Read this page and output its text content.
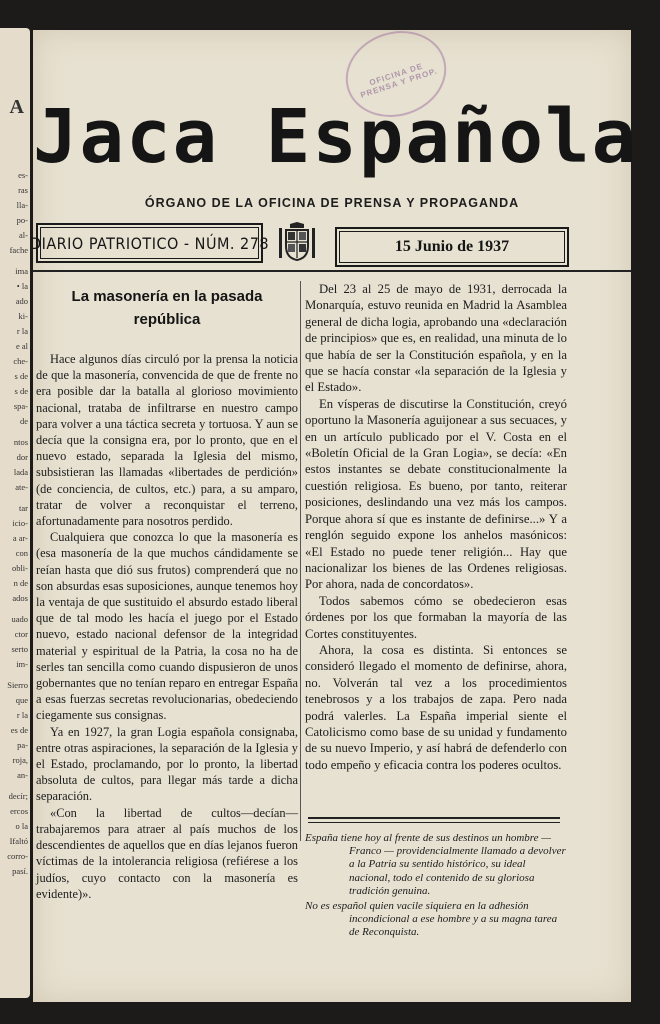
A
es-
ras
lla-
po-
al-
fache
ima
• la
ado
ki-
r la
e al
che-
s de
s de
spa-
de
ntos
dor
lada
ate-
tar
icio-
a ar-
con
obli-
n de
ados
uado
ctor
serto
im-
Sierro
que
r la
es de
pa-
roja,
an-
decír;
ercos
o la
Ifaltó
corro-
pasí.
OFICINA DE PRENSA Y PROP.
Jaca Española
ÓRGANO DE LA OFICINA DE PRENSA Y PROPAGANDA
DIARIO PATRIOTICO - NÚM. 278	15 Junio de 1937
La masonería en la pasada
república

Hace algunos días circuló por la prensa la noticia de que la masonería, convencida de que de frente no era posible dar la batalla al glorioso movimiento nacional, trataba de infiltrarse en nuestro campo para volver a una táctica secreta y tortuosa. Y aun se decía que la consigna era, por lo pronto, que en el nuevo estado, separada la Iglesia del mismo, subsistieran las llamadas «libertades de perdición» (de conciencia, de cultos, etc.) para, a su amparo, tratar de volver a reconquistar el terreno, afortunadamente para nosotros perdido.

Cualquiera que conozca lo que la masonería es (esa masonería de la que muchos cándidamente se reían hasta que dió sus frutos) comprenderá que no son absurdas esas suposiciones, aunque tenemos hoy la ventaja de que sustituido el absurdo estado liberal que de tal modo les hacía el juego por el Estado nuevo, estado nacional defensor de la integridad material y espiritual de la Patria, la cosa no ha de serles tan sencilla como cuando dispusieron de unos gobernantes que no tenían reparo en entregar España a esas fuerzas secretas revolucionarias, obedeciendo ciegamente sus consignas.

Ya en 1927, la gran Logia española consignaba, entre otras aspiraciones, la separación de la Iglesia y el Estado, proclamando, por lo pronto, la libertad absoluta de cultos, para llegar más tarde a dicha separación.

«Con la libertad de cultos—decían—trabajaremos para atraer al país muchos de los descendientes de aquellos que en días lejanos fueron víctimas de la intolerancia religiosa (refiérese a los judíos, cuyo contacto con la masonería es evidente)».

Del 23 al 25 de mayo de 1931, derrocada la Monarquía, estuvo reunida en Madrid la Asamblea general de dicha logia, aprobando una «declaración de principios» que es, en realidad, una minuta de lo que había de ser la Constitución española, y en la que se hacía constar «la separación de la Iglesia y el Estado».

En vísperas de discutirse la Constitución, creyó oportuno la Masonería aguijonear a sus secuaces, y en un artículo publicado por el V. Costa en el «Boletín Oficial de la Gran Logia», se decía: «En estos instantes se debate constitucionalmente la cuestión religiosa. Es bueno, por tanto, reiterar posiciones, deslindando una vez más los campos. Porque ahora sí que es instante de definirse...» Y a renglón seguido expone los anhelos masónicos: «El Estado no puede tener religión... Hay que nacionalizar los bienes de las Ordenes religiosas. Por ahora, nada de concordatos».

Todos sabemos cómo se obedecieron esas órdenes por los que formaban la mayoría de las Cortes constituyentes.

Ahora, la cosa es distinta. Si entonces se consideró llegado el momento de definirse, ahora, no. Volverán tal vez a los procedimientos tenebrosos y a los trabajos de zapa. Pero nada podrá valerles. La España imperial siente el Catolicismo como base de su unidad y fundamento de su nuevo Imperio, y así habrá de defenderlo con todo empeño y eficacia contra los poderes ocultos.

España tiene hoy al frente de sus destinos un hombre — Franco — providencialmente llamado a devolver a la Patria su sentido histórico, su ideal nacional, todo el contenido de su gloriosa tradición genuina.

No es español quien vacile siquiera en la adhesión incondicional a ese hombre y a su magna tarea de Reconquista.
